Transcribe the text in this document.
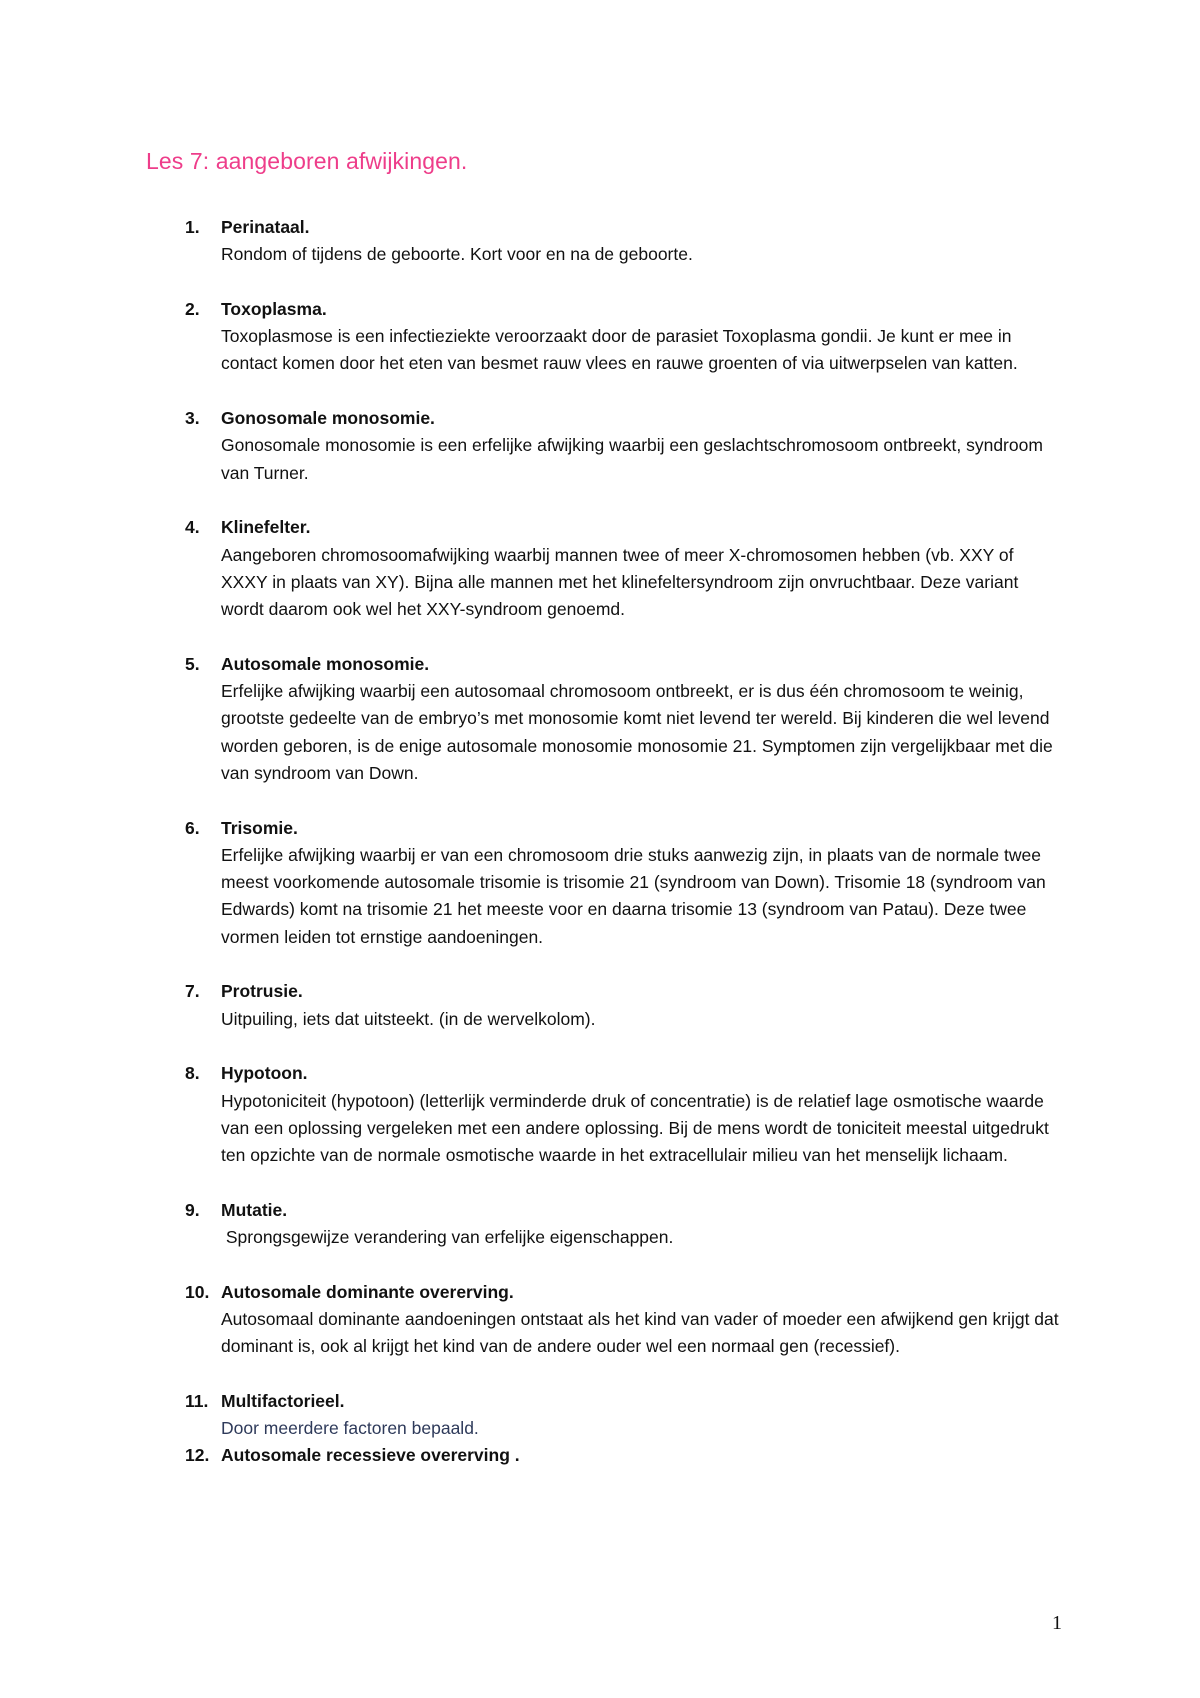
Les 7: aangeboren afwijkingen.
1. Perinataal.
Rondom of tijdens de geboorte. Kort voor en na de geboorte.
2. Toxoplasma.
Toxoplasmose is een infectieziekte veroorzaakt door de parasiet Toxoplasma gondii. Je kunt er mee in contact komen door het eten van besmet rauw vlees en rauwe groenten of via uitwerpselen van katten.
3. Gonosomale monosomie.
Gonosomale monosomie is een erfelijke afwijking waarbij een geslachtschromosoom ontbreekt, syndroom van Turner.
4. Klinefelter.
Aangeboren chromosoomafwijking waarbij mannen twee of meer X-chromosomen hebben (vb. XXY of XXXY in plaats van XY). Bijna alle mannen met het klinefeltersyndroom zijn onvruchtbaar. Deze variant wordt daarom ook wel het XXY-syndroom genoemd.
5. Autosomale monosomie.
Erfelijke afwijking waarbij een autosomaal chromosoom ontbreekt, er is dus één chromosoom te weinig, grootste gedeelte van de embryo’s met monosomie komt niet levend ter wereld. Bij kinderen die wel levend worden geboren, is de enige autosomale monosomie monosomie 21. Symptomen zijn vergelijkbaar met die van syndroom van Down.
6. Trisomie.
Erfelijke afwijking waarbij er van een chromosoom drie stuks aanwezig zijn, in plaats van de normale twee meest voorkomende autosomale trisomie is trisomie 21 (syndroom van Down). Trisomie 18 (syndroom van Edwards) komt na trisomie 21 het meeste voor en daarna trisomie 13 (syndroom van Patau). Deze twee vormen leiden tot ernstige aandoeningen.
7. Protrusie.
Uitpuiling, iets dat uitsteekt. (in de wervelkolom).
8. Hypotoon.
Hypotoniciteit (hypotoon) (letterlijk verminderde druk of concentratie) is de relatief lage osmotische waarde van een oplossing vergeleken met een andere oplossing. Bij de mens wordt de toniciteit meestal uitgedrukt ten opzichte van de normale osmotische waarde in het extracellulair milieu van het menselijk lichaam.
9. Mutatie.
Sprongsgewijze verandering van erfelijke eigenschappen.
10. Autosomale dominante overerving.
Autosomaal dominante aandoeningen ontstaat als het kind van vader of moeder een afwijkend gen krijgt dat dominant is, ook al krijgt het kind van de andere ouder wel een normaal gen (recessief).
11. Multifactorieel.
Door meerdere factoren bepaald.
12. Autosomale recessieve overerving .
1
